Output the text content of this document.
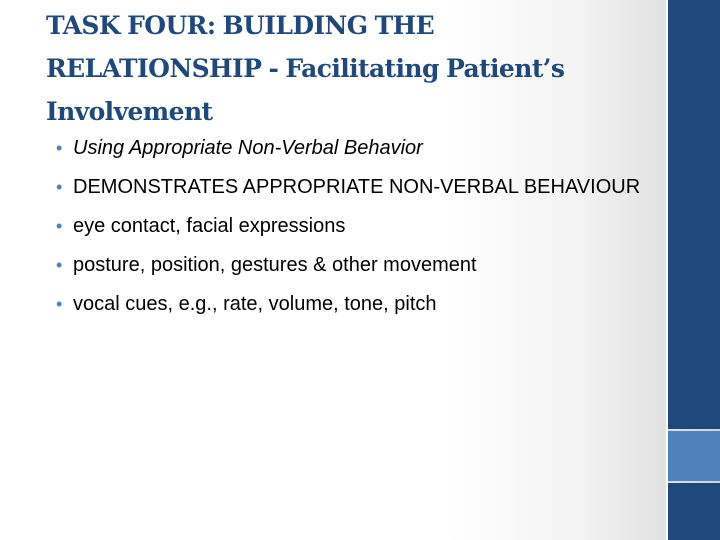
TASK FOUR: BUILDING THE RELATIONSHIP - Facilitating Patient’s Involvement
• Using Appropriate Non-Verbal Behavior
• DEMONSTRATES APPROPRIATE NON-VERBAL BEHAVIOUR
• eye contact, facial expressions
• posture, position, gestures & other movement
• vocal cues, e.g., rate, volume, tone, pitch
